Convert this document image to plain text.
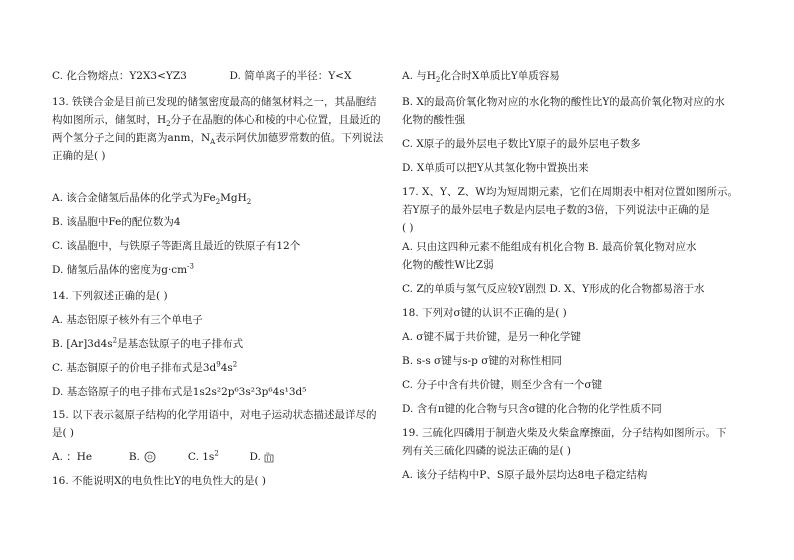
C. 化合物熔点：Y2X3<YZ3	D. 简单离子的半径：Y<X
13. 铁镁合金是目前已发现的储氢密度最高的储氢材料之一，其晶胞结
构如图所示，储氢时，$H_2$分子在晶胞的体心和棱的中心位置，且最近的
两个氢分子之间的距离为anm，$N_A$表示阿伏加德罗常数的值。下列说法
正确的是( )
A. 该合金储氢后晶体的化学式为$Fe_2MgH_2$
B. 该晶胞中Fe的配位数为4
C. 该晶胞中，与铁原子等距离且最近的铁原子有12个
D. 储氢后晶体的密度为$g\cdot cm^{-3}$
14. 下列叙述正确的是( )
A. 基态铝原子核外有三个单电子
B. $[Ar]3d4s^2$是基态钛原子的电子排布式
C. 基态铜原子的价电子排布式是$3d^94s^2$
D. 基态铬原子的电子排布式是1s2s²2p⁶3s²3p⁶4s¹3d⁵
15. 以下表示氦原子结构的化学用语中，对电子运动状态描述最详尽的
是( )
A. ：He	B.	C. $1s^2$	D. 1s
16. 不能说明X的电负性比Y的电负性大的是( )
A. 与$H_2$化合时X单质比Y单质容易
B. X的最高价氧化物对应的水化物的酸性比Y的最高价氧化物对应的水
化物的酸性强
C. X原子的最外层电子数比Y原子的最外层电子数多
D. X单质可以把Y从其氢化物中置换出来
17. X、Y、Z、W均为短周期元素，它们在周期表中相对位置如图所示。
若Y原子的最外层电子数是内层电子数的3倍，下列说法中正确的是
( )
A. 只由这四种元素不能组成有机化合物 B. 最高价氧化物对应水
化物的酸性W比Z弱
C. Z的单质与氢气反应较Y剧烈 D. X、Y形成的化合物都易溶于水
18. 下列对σ键的认识不正确的是( )
A. σ键不属于共价键，是另一种化学键
B. s-s σ键与s-p σ键的对称性相同
C. 分子中含有共价键，则至少含有一个σ键
D. 含有π键的化合物与只含σ键的化合物的化学性质不同
19. 三硫化四磷用于制造火柴及火柴盒摩擦面，分子结构如图所示。下
列有关三硫化四磷的说法正确的是( )
A. 该分子结构中P、S原子最外层均达8电子稳定结构
